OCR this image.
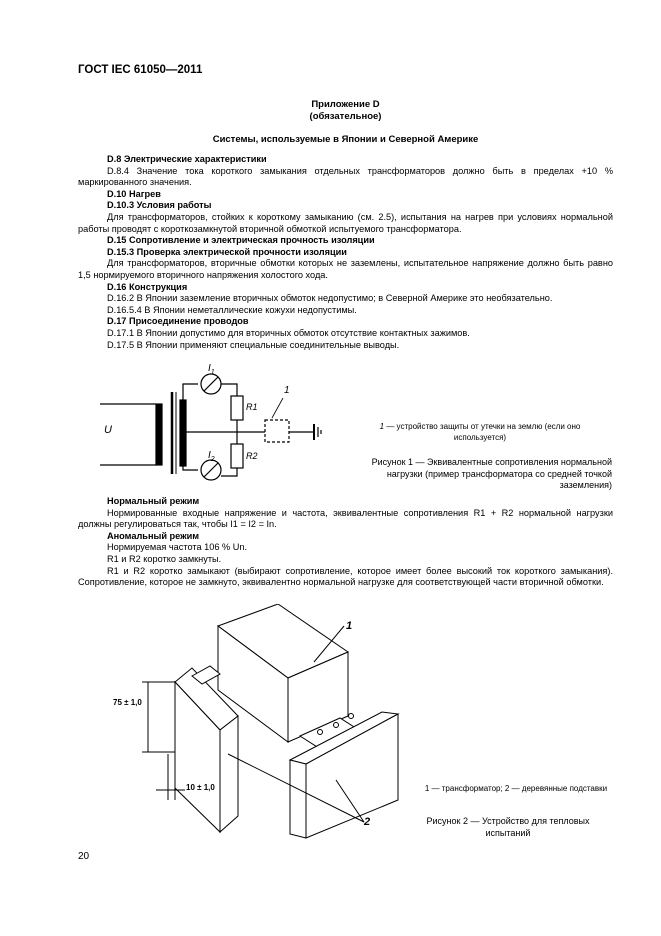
ГОСТ IEC 61050—2011
Приложение D
(обязательное)
Системы, используемые в Японии и Северной Америке

D.8 Электрические характеристики

D.8.4 Значение тока короткого замыкания отдельных трансформаторов должно быть в пределах +10 % маркированного значения.

D.10 Нагрев

D.10.3 Условия работы

Для трансформаторов, стойких к короткому замыканию (см. 2.5), испытания на нагрев при условиях нормальной работы проводят с короткозамкнутой вторичной обмоткой испытуемого трансформатора.

D.15 Сопротивление и электрическая прочность изоляции

D.15.3 Проверка электрической прочности изоляции

Для трансформаторов, вторичные обмотки которых не заземлены, испытательное напряжение должно быть равно 1,5 нормируемого вторичного напряжения холостого хода.

D.16 Конструкция

D.16.2 В Японии заземление вторичных обмоток недопустимо; в Северной Америке это необязательно.

D.16.5.4 В Японии неметаллические кожухи недопустимы.

D.17 Присоединение проводов

D.17.1 В Японии допустимо для вторичных обмоток отсутствие контактных зажимов.

D.17.5 В Японии применяют специальные соединительные выводы.

U
$I_1$
$I_2$
R1
R2
1
1 — устройство защиты от утечки на землю (если оно используется)
Рисунок 1 — Эквивалентные сопротивления нормальной нагрузки (пример трансформатора со средней точкой заземления)

Нормальный режим

Нормированные входные напряжение и частота, эквивалентные сопротивления R1 + R2 нормальной нагрузки должны регулироваться так, чтобы I1 = I2 = In.

Аномальный режим

Нормируемая частота 106 % Un.

R1 и R2 коротко замкнуты.

R1 и R2 коротко замыкают (выбирают сопротивление, которое имеет более высокий ток короткого замыкания). Сопротивление, которое не замкнуто, эквивалентно нормальной нагрузке для соответствующей части вторичной обмотки.

75 ± 1,0
10 ± 1,0
1
2
1 — трансформатор; 2 — деревянные подставки
Рисунок 2 — Устройство для тепловых испытаний
20
